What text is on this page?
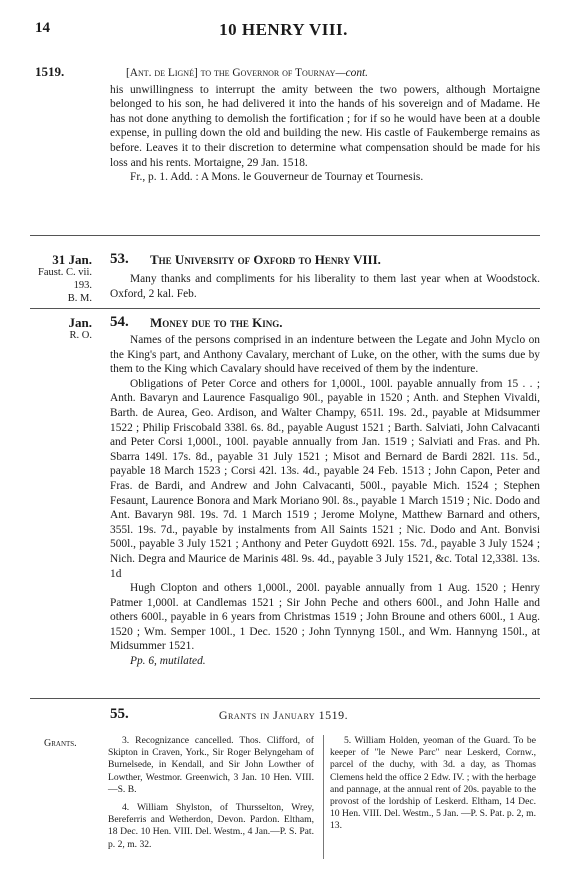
14	10 HENRY VIII.
1519.	[Ant. de Ligné] to the Governor of Tournay—cont.

his unwillingness to interrupt the amity between the two powers, although Mortaigne belonged to his son, he had delivered it into the hands of his sovereign and of Madame. He has not done anything to demolish the fortification ; for if so he would have been at a double expense, in pulling down the old and building the new. His castle of Faukemberge remains as before. Leaves it to their discretion to determine what compensation should be made for his loss and his rents. Mortaigne, 29 Jan. 1518.

Fr., p. 1. Add. : A Mons. le Gouverneur de Tournay et Tournesis.

31 Jan.
Faust. C. vii.
193.
B. M.
53. The University of Oxford to Henry VIII.

Many thanks and compliments for his liberality to them last year when at Woodstock. Oxford, 2 kal. Feb.

Jan.
R. O.
54. Money due to the King.

Names of the persons comprised in an indenture between the Legate and John Myclo on the King's part, and Anthony Cavalary, merchant of Luke, on the other, with the sums due by them to the King which Cavalary should have received of them by the indenture.

Obligations of Peter Corce and others for 1,000l., 100l. payable annually from 15 . . ; Anth. Bavaryn and Laurence Fasqualigo 90l., payable in 1520 ; Anth. and Stephen Vivaldi, Barth. de Aurea, Geo. Ardison, and Walter Champy, 651l. 19s. 2d., payable at Midsummer 1522 ; Philip Friscobald 338l. 6s. 8d., payable August 1521 ; Barth. Salviati, John Calvacanti and Peter Corsi 1,000l., 100l. payable annually from Jan. 1519 ; Salviati and Fras. and Ph. Sbarra 149l. 17s. 8d., payable 31 July 1521 ; Misot and Bernard de Bardi 282l. 11s. 5d., payable 18 March 1523 ; Corsi 42l. 13s. 4d., payable 24 Feb. 1513 ; John Capon, Peter and Fras. de Bardi, and Andrew and John Calvacanti, 500l., payable Mich. 1524 ; Stephen Fesaunt, Laurence Bonora and Mark Moriano 90l. 8s., payable 1 March 1519 ; Nic. Dodo and Ant. Bavaryn 98l. 19s. 7d. 1 March 1519 ; Jerome Molyne, Matthew Barnard and others, 355l. 19s. 7d., payable by instalments from All Saints 1521 ; Nic. Dodo and Ant. Bonvisi 500l., payable 3 July 1521 ; Anthony and Peter Guydott 692l. 15s. 7d., payable 3 July 1524 ; Nich. Degra and Maurice de Marinis 48l. 9s. 4d., payable 3 July 1521, &c. Total 12,338l. 13s. 1d

Hugh Clopton and others 1,000l., 200l. payable annually from 1 Aug. 1520 ; Henry Patmer 1,000l. at Candlemas 1521 ; Sir John Peche and others 600l., and John Halle and others 600l., payable in 6 years from Christmas 1519 ; John Broune and others 600l., 1 Aug. 1520 ; Wm. Semper 100l., 1 Dec. 1520 ; John Tynnyng 150l., and Wm. Hannyng 150l., at Midsummer 1521.

Pp. 6, mutilated.

55.	Grants in January 1519.
Grants.	3. Recognizance cancelled. Thos. Clifford, of Skipton in Craven, York., Sir Roger Belyngeham of Burnelsede, in Kendall, and Sir John Lowther of Lowther, Westmor. Greenwich, 3 Jan. 10 Hen. VIII.—S. B.

4. William Shylston, of Thursselton, Wrey, Bereferris and Wetherdon, Devon. Pardon. Eltham, 18 Dec. 10 Hen. VIII. Del. Westm., 4 Jan.—P. S. Pat. p. 2, m. 32.

5. William Holden, yeoman of the Guard. To be keeper of "le Newe Parc" near Leskerd, Cornw., parcel of the duchy, with 3d. a day, as Thomas Clemens held the office 2 Edw. IV. ; with the herbage and pannage, at the annual rent of 20s. payable to the provost of the lordship of Leskerd. Eltham, 14 Dec. 10 Hen. VIII. Del. Westm., 5 Jan. —P. S. Pat. p. 2, m. 13.
